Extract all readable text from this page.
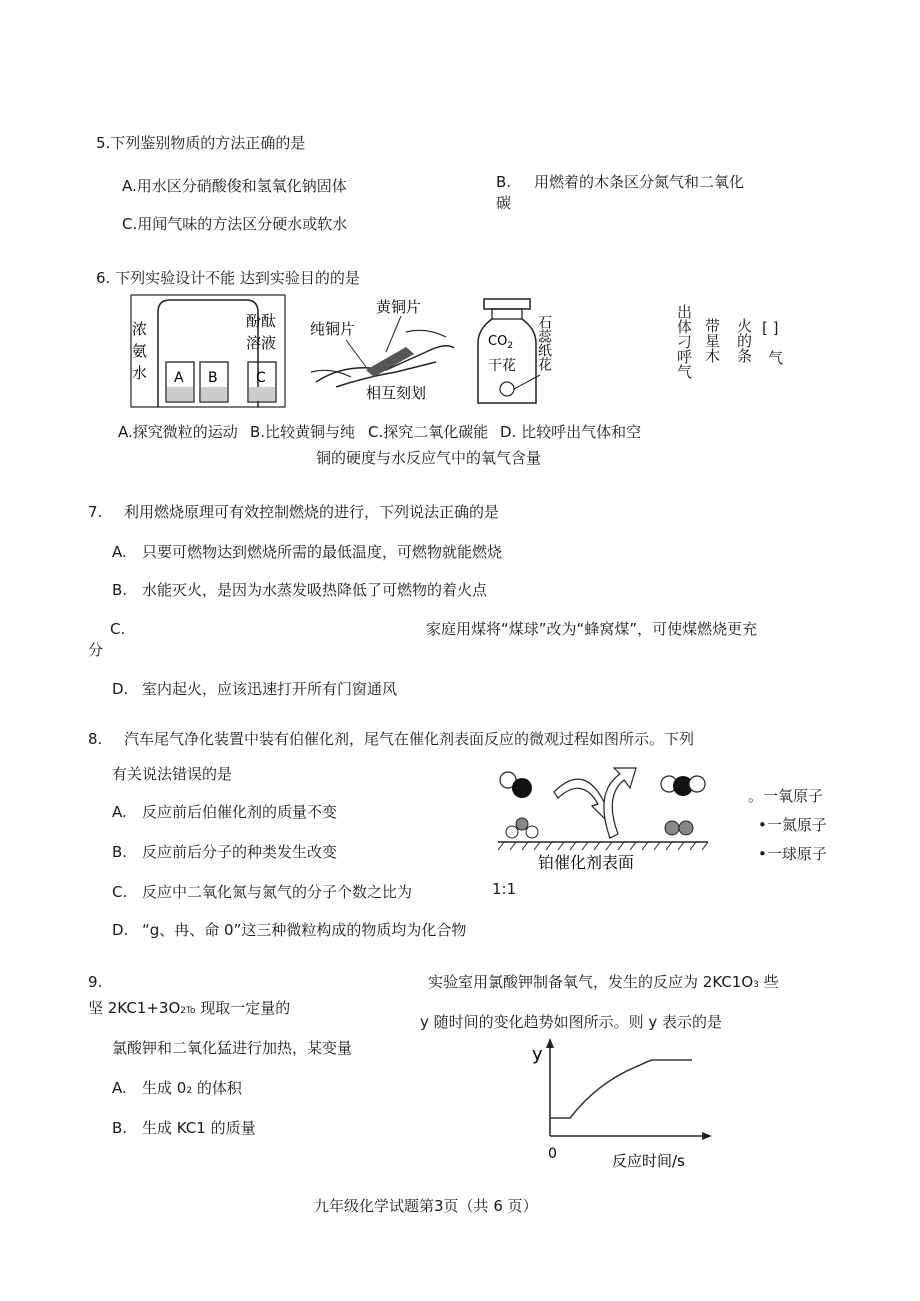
5.下列鉴别物质的方法正确的是
A.用水区分硝酸俊和氢氧化钠固体	B. 用燃着的木条区分氮气和二氧化
碳
C.用闻气味的方法区分硬水或软水
6. 下列实验设计不能 达到实验目的的是
浓
氨
水
酚酞
溶液
A B	C
黄铜片
纯铜片
相互刻划
$CO_2$
干花 石蕊纸花	出体刁呼气 带星木 火的条 [ ]
气
A.探究微粒的运动 B.比较黄铜与纯 C.探究二氧化碳能 D. 比较呼出气体和空
铜的硬度与水反应气中的氧气含量
7. 利用燃烧原理可有效控制燃烧的进行，下列说法正确的是
A. 只要可燃物达到燃烧所需的最低温度，可燃物就能燃烧
B. 水能灭火，是因为水蒸发吸热降低了可燃物的着火点
C.	家庭用煤将“煤球”改为“蜂窝煤”，可使煤燃烧更充
分
D. 室内起火，应该迅速打开所有门窗通风
8. 汽车尾气净化装置中装有伯催化剂，尾气在催化剂表面反应的微观过程如图所示。下列
有关说法错误的是
A. 反应前后伯催化剂的质量不变
B. 反应前后分子的种类发生改变
C. 反应中二氧化氮与氮气的分子个数之比为	1:1
D. “g、冉、命 0”这三种微粒构成的物质均为化合物
铂催化剂表面
。一氧原子
•一氮原子
•一球原子
9.	实验室用氯酸钾制备氧气，发生的反应为 2KC1O3 些
坚 2KC1+3O2To 现取一定量的
y 随时间的变化趋势如图所示。则 y 表示的是
氯酸钾和二氧化猛进行加热，某变量
A. 生成 02 的体积
B. 生成 KC1 的质量
y
0	反应时间/s
九年级化学试题第3页（共 6 页）
